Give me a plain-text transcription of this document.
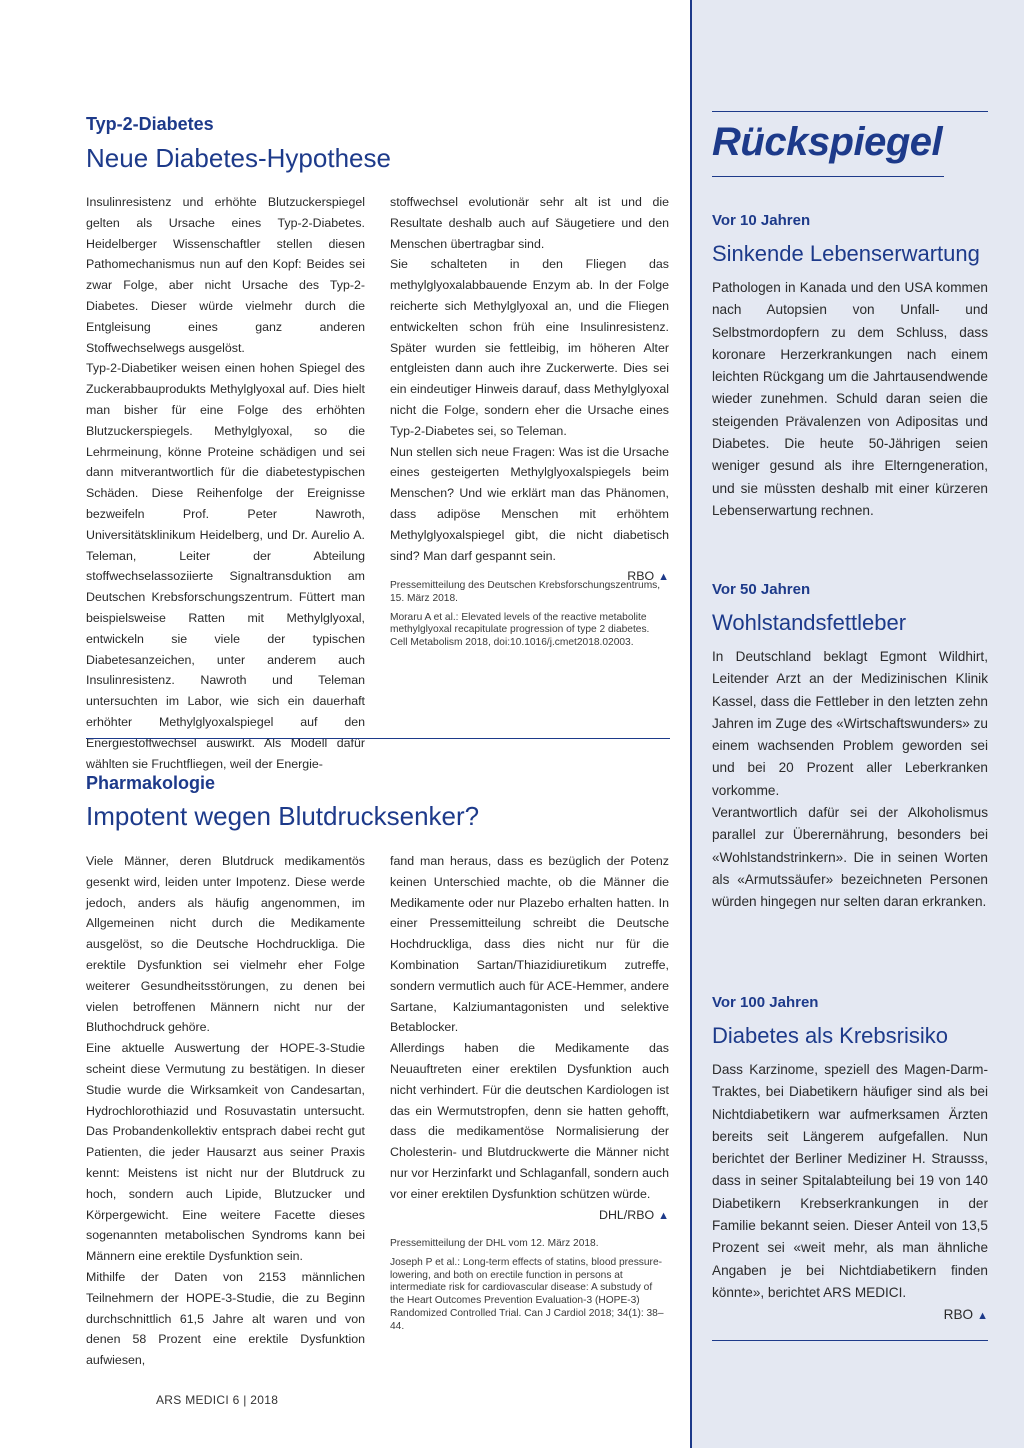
Typ-2-Diabetes
Neue Diabetes-Hypothese

Insulinresistenz und erhöhte Blutzuckerspiegel gelten als Ursache eines Typ-2-Diabetes. Heidelberger Wissenschaftler stellen diesen Pathomechanismus nun auf den Kopf: Beides sei zwar Folge, aber nicht Ursache des Typ-2-Diabetes. Dieser würde vielmehr durch die Entgleisung eines ganz anderen Stoffwechselwegs ausgelöst.

Typ-2-Diabetiker weisen einen hohen Spiegel des Zuckerabbauprodukts Methylglyoxal auf. Dies hielt man bisher für eine Folge des erhöhten Blutzuckerspiegels. Methylglyoxal, so die Lehrmeinung, könne Proteine schädigen und sei dann mitverantwortlich für die diabetestypischen Schäden. Diese Reihenfolge der Ereignisse bezweifeln Prof. Peter Nawroth, Universitätsklinikum Heidelberg, und Dr. Aurelio A. Teleman, Leiter der Abteilung stoffwechselassoziierte Signaltransduktion am Deutschen Krebsforschungszentrum. Füttert man beispielsweise Ratten mit Methylglyoxal, entwickeln sie viele der typischen Diabetesanzeichen, unter anderem auch Insulinresistenz. Nawroth und Teleman untersuchten im Labor, wie sich ein dauerhaft erhöhter Methylglyoxalspiegel auf den Energiestoffwechsel auswirkt. Als Modell dafür wählten sie Fruchtfliegen, weil der Energie-

stoffwechsel evolutionär sehr alt ist und die Resultate deshalb auch auf Säugetiere und den Menschen übertragbar sind.

Sie schalteten in den Fliegen das methylglyoxalabbauende Enzym ab. In der Folge reicherte sich Methylglyoxal an, und die Fliegen entwickelten schon früh eine Insulinresistenz. Später wurden sie fettleibig, im höheren Alter entgleisten dann auch ihre Zuckerwerte. Dies sei ein eindeutiger Hinweis darauf, dass Methylglyoxal nicht die Folge, sondern eher die Ursache eines Typ-2-Diabetes sei, so Teleman.

Nun stellen sich neue Fragen: Was ist die Ursache eines gesteigerten Methylglyoxalspiegels beim Menschen? Und wie erklärt man das Phänomen, dass adipöse Menschen mit erhöhtem Methylglyoxalspiegel gibt, die nicht diabetisch sind? Man darf gespannt sein.

RBO ▲

Pressemitteilung des Deutschen Krebsforschungszentrums, 15. März 2018.

Moraru A et al.: Elevated levels of the reactive metabolite methylglyoxal recapitulate progression of type 2 diabetes. Cell Metabolism 2018, doi:10.1016/j.cmet2018.02003.

Pharmakologie
Impotent wegen Blutdrucksenker?

Viele Männer, deren Blutdruck medikamentös gesenkt wird, leiden unter Impotenz. Diese werde jedoch, anders als häufig angenommen, im Allgemeinen nicht durch die Medikamente ausgelöst, so die Deutsche Hochdruckliga. Die erektile Dysfunktion sei vielmehr eher Folge weiterer Gesundheitsstörungen, zu denen bei vielen betroffenen Männern nicht nur der Bluthochdruck gehöre.

Eine aktuelle Auswertung der HOPE-3-Studie scheint diese Vermutung zu bestätigen. In dieser Studie wurde die Wirksamkeit von Candesartan, Hydrochlorothiazid und Rosuvastatin untersucht. Das Probandenkollektiv entsprach dabei recht gut Patienten, die jeder Hausarzt aus seiner Praxis kennt: Meistens ist nicht nur der Blutdruck zu hoch, sondern auch Lipide, Blutzucker und Körpergewicht. Eine weitere Facette dieses sogenannten metabolischen Syndroms kann bei Männern eine erektile Dysfunktion sein.

Mithilfe der Daten von 2153 männlichen Teilnehmern der HOPE-3-Studie, die zu Beginn durchschnittlich 61,5 Jahre alt waren und von denen 58 Prozent eine erektile Dysfunktion aufwiesen,

fand man heraus, dass es bezüglich der Potenz keinen Unterschied machte, ob die Männer die Medikamente oder nur Plazebo erhalten hatten. In einer Pressemitteilung schreibt die Deutsche Hochdruckliga, dass dies nicht nur für die Kombination Sartan/Thiazidiuretikum zutreffe, sondern vermutlich auch für ACE-Hemmer, andere Sartane, Kalziumantagonisten und selektive Betablocker.

Allerdings haben die Medikamente das Neuauftreten einer erektilen Dysfunktion auch nicht verhindert. Für die deutschen Kardiologen ist das ein Wermutstropfen, denn sie hatten gehofft, dass die medikamentöse Normalisierung der Cholesterin- und Blutdruckwerte die Männer nicht nur vor Herzinfarkt und Schlaganfall, sondern auch vor einer erektilen Dysfunktion schützen würde.

DHL/RBO ▲

Pressemitteilung der DHL vom 12. März 2018.

Joseph P et al.: Long-term effects of statins, blood pressure-lowering, and both on erectile function in persons at intermediate risk for cardiovascular disease: A substudy of the Heart Outcomes Prevention Evaluation-3 (HOPE-3) Randomized Controlled Trial. Can J Cardiol 2018; 34(1): 38–44.

ARS MEDICI 6 | 2018
Rückspiegel
Vor 10 Jahren
Sinkende Lebenserwartung

Pathologen in Kanada und den USA kommen nach Autopsien von Unfall- und Selbstmordopfern zu dem Schluss, dass koronare Herzerkrankungen nach einem leichten Rückgang um die Jahrtausendwende wieder zunehmen. Schuld daran seien die steigenden Prävalenzen von Adipositas und Diabetes. Die heute 50-Jährigen seien weniger gesund als ihre Elterngeneration, und sie müssten deshalb mit einer kürzeren Lebenserwartung rechnen.

Vor 50 Jahren
Wohlstandsfettleber

In Deutschland beklagt Egmont Wildhirt, Leitender Arzt an der Medizinischen Klinik Kassel, dass die Fettleber in den letzten zehn Jahren im Zuge des «Wirtschaftswunders» zu einem wachsenden Problem geworden sei und bei 20 Prozent aller Leberkranken vorkomme.

Verantwortlich dafür sei der Alkoholismus parallel zur Überernährung, besonders bei «Wohlstandstrinkern». Die in seinen Worten als «Armutssäufer» bezeichneten Personen würden hingegen nur selten daran erkranken.

Vor 100 Jahren
Diabetes als Krebsrisiko

Dass Karzinome, speziell des Magen-Darm-Traktes, bei Diabetikern häufiger sind als bei Nichtdiabetikern war aufmerksamen Ärzten bereits seit Längerem aufgefallen. Nun berichtet der Berliner Mediziner H. Strausss, dass in seiner Spitalabteilung bei 19 von 140 Diabetikern Krebserkrankungen in der Familie bekannt seien. Dieser Anteil von 13,5 Prozent sei «weit mehr, als man ähnliche Angaben je bei Nichtdiabetikern finden könnte», berichtet ARS MEDICI.

RBO ▲
